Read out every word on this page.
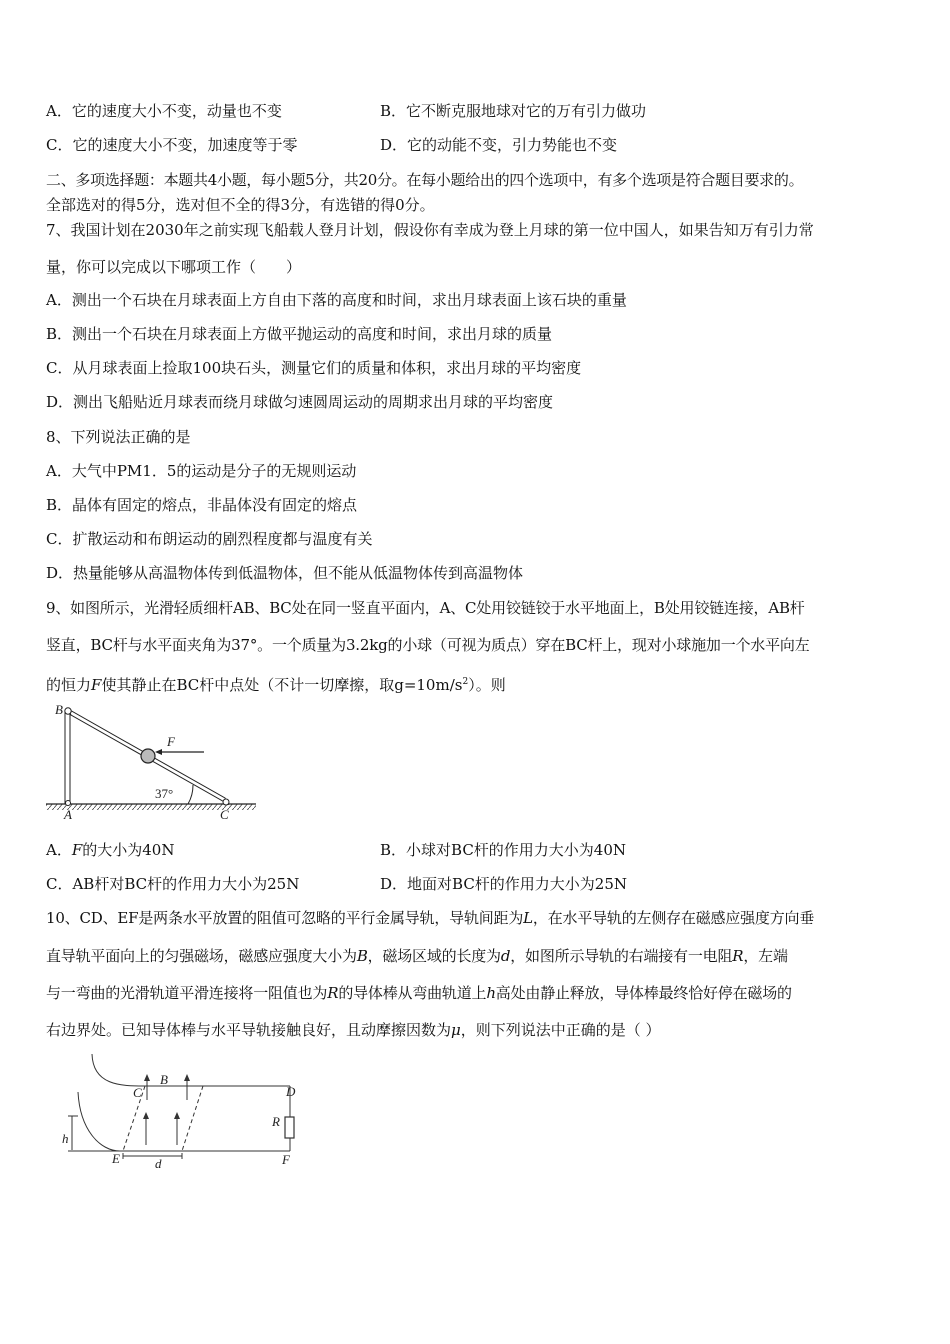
A．它的速度大小不变，动量也不变	B．它不断克服地球对它的万有引力做功
C．它的速度大小不变，加速度等于零	D．它的动能不变，引力势能也不变
二、多项选择题：本题共4小题，每小题5分，共20分。在每小题给出的四个选项中，有多个选项是符合题目要求的。
全部选对的得5分，选对但不全的得3分，有选错的得0分。
7、我国计划在2030年之前实现飞船载人登月计划，假设你有幸成为登上月球的第一位中国人，如果告知万有引力常
量，你可以完成以下哪项工作（　　）
A．测出一个石块在月球表面上方自由下落的高度和时间，求出月球表面上该石块的重量
B．测出一个石块在月球表面上方做平抛运动的高度和时间，求出月球的质量
C．从月球表面上捡取100块石头，测量它们的质量和体积，求出月球的平均密度
D．测出飞船贴近月球表而绕月球做匀速圆周运动的周期求出月球的平均密度
8、下列说法正确的是
A．大气中PM1．5的运动是分子的无规则运动
B．晶体有固定的熔点，非晶体没有固定的熔点
C．扩散运动和布朗运动的剧烈程度都与温度有关
D．热量能够从高温物体传到低温物体，但不能从低温物体传到高温物体
9、如图所示，光滑轻质细杆AB、BC处在同一竖直平面内，A、C处用铰链铰于水平地面上，B处用铰链连接，AB杆
竖直，BC杆与水平面夹角为37°。一个质量为3.2kg的小球（可视为质点）穿在BC杆上，现对小球施加一个水平向左
的恒力F使其静止在BC杆中点处（不计一切摩擦，取$g=10m/s^2$）。则
B
F
37°
A	C
A．F的大小为40N	B．小球对BC杆的作用力大小为40N
C．AB杆对BC杆的作用力大小为25N	D．地面对BC杆的作用力大小为25N
10、CD、EF是两条水平放置的阻值可忽略的平行金属导轨，导轨间距为L，在水平导轨的左侧存在磁感应强度方向垂
直导轨平面向上的匀强磁场，磁感应强度大小为B，磁场区域的长度为d，如图所示导轨的右端接有一电阻R，左端
与一弯曲的光滑轨道平滑连接将一阻值也为R的导体棒从弯曲轨道上h高处由静止释放，导体棒最终恰好停在磁场的
右边界处。已知导体棒与水平导轨接触良好，且动摩擦因数为μ，则下列说法中正确的是（ ）
C
B
D
R
h
E	d	F
